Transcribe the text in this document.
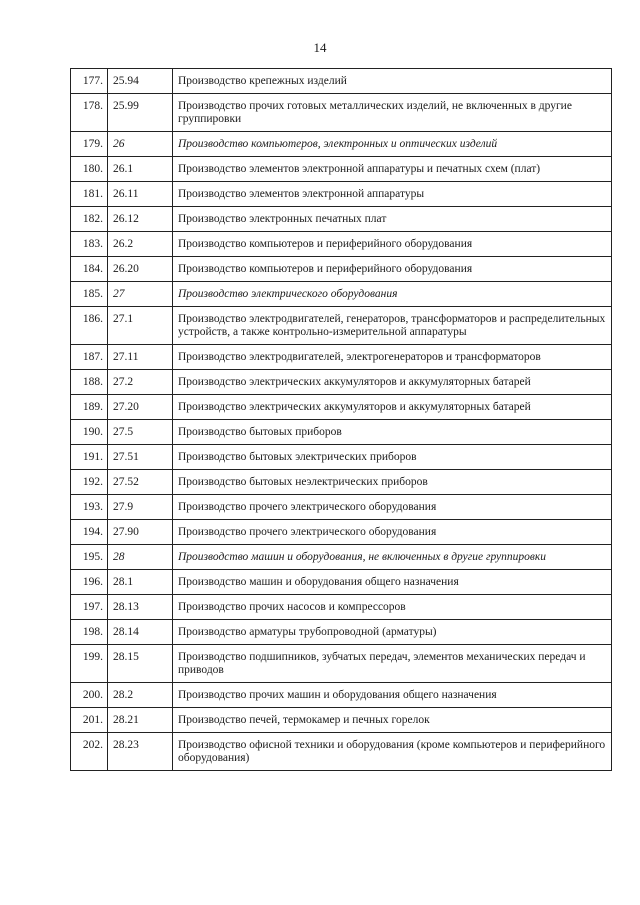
14
177.	25.94	Производство крепежных изделий
178.	25.99	Производство прочих готовых металлических изделий, не включенных в другие группировки
179.	26	Производство компьютеров, электронных и оптических изделий
180.	26.1	Производство элементов электронной аппаратуры и печатных схем (плат)
181.	26.11	Производство элементов электронной аппаратуры
182.	26.12	Производство электронных печатных плат
183.	26.2	Производство компьютеров и периферийного оборудования
184.	26.20	Производство компьютеров и периферийного оборудования
185.	27	Производство электрического оборудования
186.	27.1	Производство электродвигателей, генераторов, трансформаторов и распределительных устройств, а также контрольно-измерительной аппаратуры
187.	27.11	Производство электродвигателей, электрогенераторов и трансформаторов
188.	27.2	Производство электрических аккумуляторов и аккумуляторных батарей
189.	27.20	Производство электрических аккумуляторов и аккумуляторных батарей
190.	27.5	Производство бытовых приборов
191.	27.51	Производство бытовых электрических приборов
192.	27.52	Производство бытовых неэлектрических приборов
193.	27.9	Производство прочего электрического оборудования
194.	27.90	Производство прочего электрического оборудования
195.	28	Производство машин и оборудования, не включенных в другие группировки
196.	28.1	Производство машин и оборудования общего назначения
197.	28.13	Производство прочих насосов и компрессоров
198.	28.14	Производство арматуры трубопроводной (арматуры)
199.	28.15	Производство подшипников, зубчатых передач, элементов механических передач и приводов
200.	28.2	Производство прочих машин и оборудования общего назначения
201.	28.21	Производство печей, термокамер и печных горелок
202.	28.23	Производство офисной техники и оборудования (кроме компьютеров и периферийного оборудования)
